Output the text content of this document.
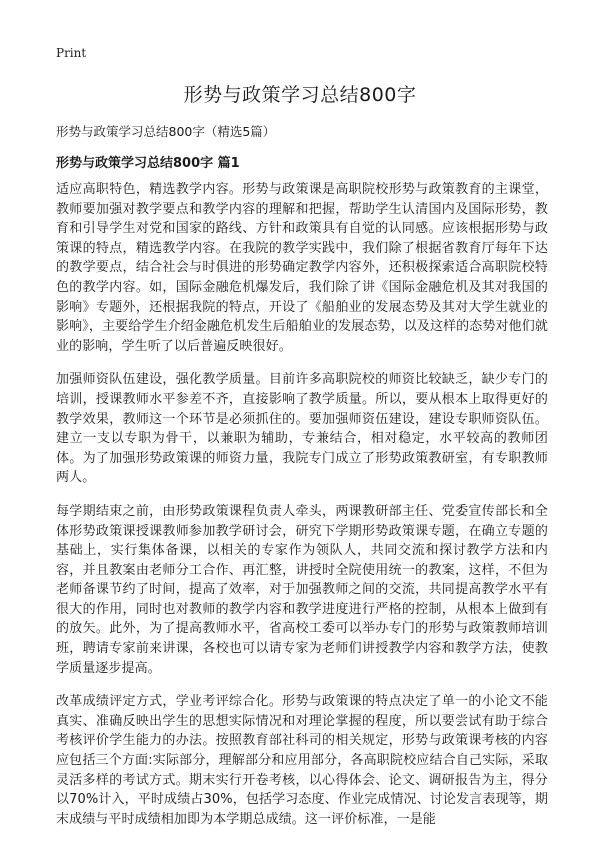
Print
形势与政策学习总结800字

形势与政策学习总结800字（精选5篇）

形势与政策学习总结800字 篇1

适应高职特色，精选教学内容。形势与政策课是高职院校形势与政策教育的主课堂，教师要加强对教学要点和教学内容的理解和把握，帮助学生认清国内及国际形势，教育和引导学生对党和国家的路线、方针和政策具有自觉的认同感。应该根据形势与政策课的特点，精选教学内容。在我院的教学实践中，我们除了根据省教育厅每年下达的教学要点，结合社会与时俱进的形势确定教学内容外，还积极探索适合高职院校特色的教学内容。如，国际金融危机爆发后，我们除了讲《国际金融危机及其对我国的影响》专题外，还根据我院的特点，开设了《船舶业的发展态势及其对大学生就业的影响》，主要给学生介绍金融危机发生后船舶业的发展态势，以及这样的态势对他们就业的影响，学生听了以后普遍反映很好。

加强师资队伍建设，强化教学质量。目前许多高职院校的师资比较缺乏，缺少专门的培训，授课教师水平参差不齐，直接影响了教学质量。所以，要从根本上取得更好的教学效果，教师这一个环节是必须抓住的。要加强师资伍建设，建设专职师资队伍。建立一支以专职为骨干，以兼职为辅助，专兼结合，相对稳定，水平较高的教师团体。为了加强形势政策课的师资力量，我院专门成立了形势政策教研室，有专职教师两人。

每学期结束之前，由形势政策课程负责人牵头，两课教研部主任、党委宣传部长和全体形势政策课授课教师参加教学研讨会，研究下学期形势政策课专题，在确立专题的基础上，实行集体备课，以相关的专家作为领队人，共同交流和探讨教学方法和内容，并且教案由老师分工合作、再汇整，讲授时全院使用统一的教案，这样，不但为老师备课节约了时间，提高了效率，对于加强教师之间的交流，共同提高教学水平有很大的作用，同时也对教师的教学内容和教学进度进行严格的控制，从根本上做到有的放矢。此外，为了提高教师水平，省高校工委可以举办专门的形势与政策教师培训班，聘请专家前来讲课，各校也可以请专家为老师们讲授教学内容和教学方法，使教学质量逐步提高。

改革成绩评定方式，学业考评综合化。形势与政策课的特点决定了单一的小论文不能真实、准确反映出学生的思想实际情况和对理论掌握的程度，所以要尝试有助于综合考核评价学生能力的办法。按照教育部社科司的相关规定，形势与政策课考核的内容应包括三个方面:实际部分，理解部分和应用部分，各高职院校应结合自己实际，采取灵活多样的考试方式。期末实行开卷考核，以心得体会、论文、调研报告为主，得分以70%计入，平时成绩占30%，包括学习态度、作业完成情况、讨论发言表现等，期末成绩与平时成绩相加即为本学期总成绩。这一评价标准，一是能
